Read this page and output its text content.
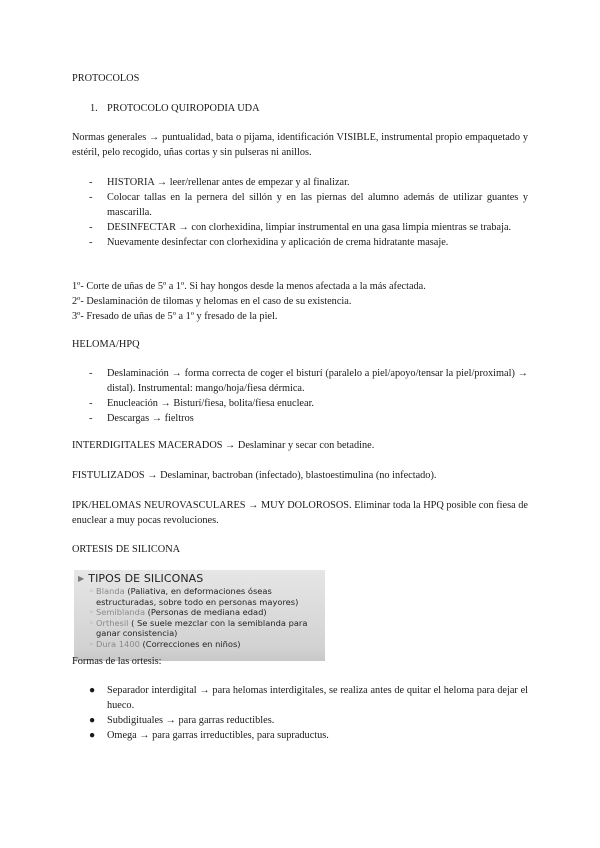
PROTOCOLOS

1. PROTOCOLO QUIROPODIA UDA

Normas generales → puntualidad, bata o pijama, identificación VISIBLE, instrumental propio empaquetado y estéril, pelo recogido, uñas cortas y sin pulseras ni anillos.

- HISTORIA → leer/rellenar antes de empezar y al finalizar.
- Colocar tallas en la pernera del sillón y en las piernas del alumno además de utilizar guantes y mascarilla.
- DESINFECTAR → con clorhexidina, limpiar instrumental en una gasa limpia mientras se trabaja.
- Nuevamente desinfectar con clorhexidina y aplicación de crema hidratante masaje.

1º- Corte de uñas de 5º a 1º. Si hay hongos desde la menos afectada a la más afectada.

2º- Deslaminación de tilomas y helomas en el caso de su existencia.

3º- Fresado de uñas de 5º a 1º y fresado de la piel.

HELOMA/HPQ

- Deslaminación → forma correcta de coger el bisturí (paralelo a piel/apoyo/tensar la piel/proximal) → distal). Instrumental: mango/hoja/fiesa dérmica.
- Enucleación → Bisturí/fiesa, bolita/fiesa enuclear.
- Descargas → fieltros

INTERDIGITALES MACERADOS → Deslaminar y secar con betadine.

FISTULIZADOS → Deslaminar, bactroban (infectado), blastoestimulina (no infectado).

IPK/HELOMAS NEUROVASCULARES → MUY DOLOROSOS. Eliminar toda la HPQ posible con fiesa de enuclear a muy pocas revoluciones.

ORTESIS DE SILICONA

▶ TIPOS DE SILICONAS
◦ Blanda (Paliativa, en deformaciones óseas estructuradas, sobre todo en personas mayores)
◦ Semiblanda (Personas de mediana edad)
◦ Orthesil ( Se suele mezclar con la semiblanda para ganar consistencia)
◦ Dura 1400 (Correcciones en niños)

Formas de las ortesis:

● Separador interdigital → para helomas interdigitales, se realiza antes de quitar el heloma para dejar el hueco.
● Subdigituales → para garras reductibles.
● Omega → para garras irreductibles, para supraductus.
